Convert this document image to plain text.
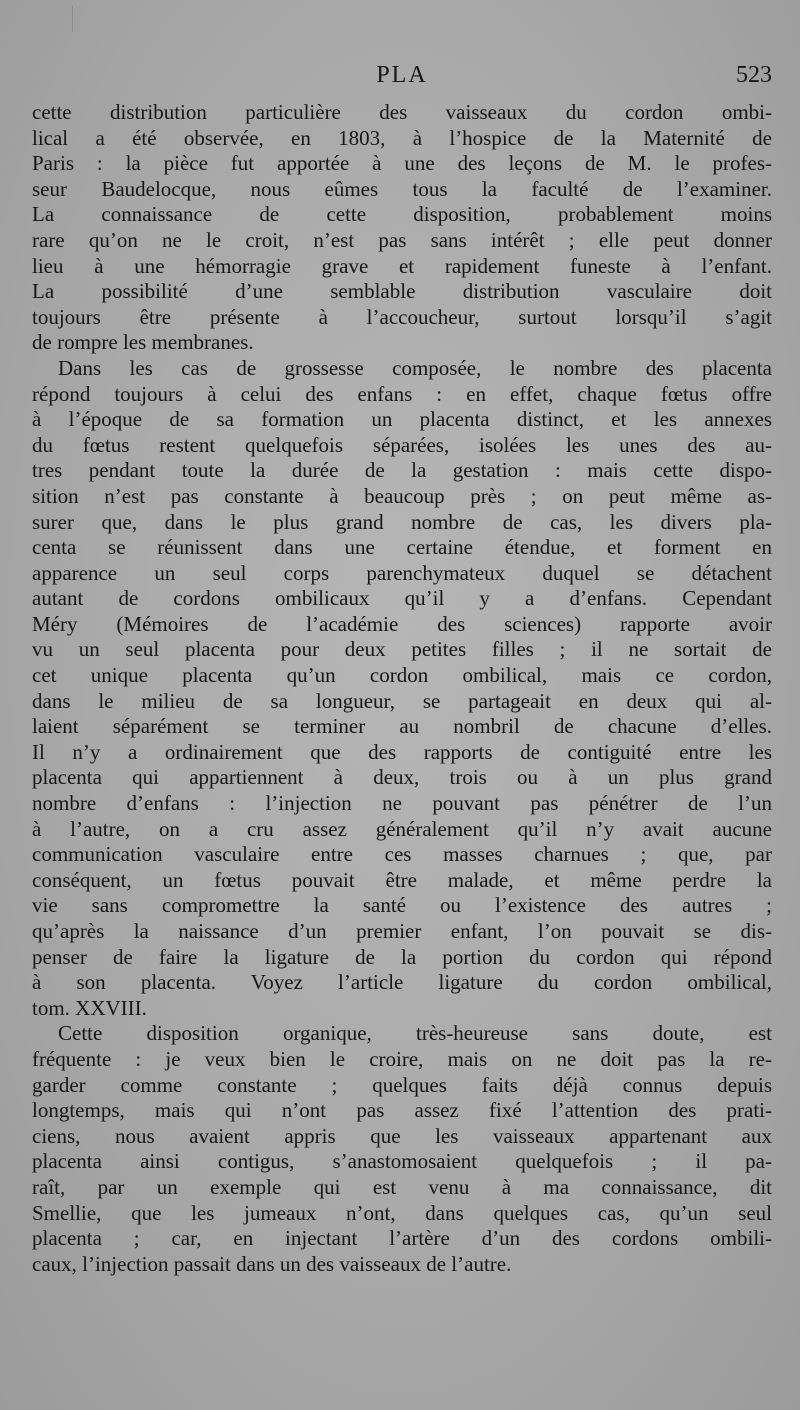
PLA	523
cette distribution particulière des vaisseaux du cordon ombi-
lical a été observée, en 1803, à l’hospice de la Maternité de
Paris : la pièce fut apportée à une des leçons de M. le profes-
seur Baudelocque, nous eûmes tous la faculté de l’examiner.
La connaissance de cette disposition, probablement moins
rare qu’on ne le croit, n’est pas sans intérêt ; elle peut donner
lieu à une hémorragie grave et rapidement funeste à l’enfant.
La possibilité d’une semblable distribution vasculaire doit
toujours être présente à l’accoucheur, surtout lorsqu’il s’agit
de rompre les membranes.
Dans les cas de grossesse composée, le nombre des placenta
répond toujours à celui des enfans : en effet, chaque fœtus offre
à l’époque de sa formation un placenta distinct, et les annexes
du fœtus restent quelquefois séparées, isolées les unes des au-
tres pendant toute la durée de la gestation : mais cette dispo-
sition n’est pas constante à beaucoup près ; on peut même as-
surer que, dans le plus grand nombre de cas, les divers pla-
centa se réunissent dans une certaine étendue, et forment en
apparence un seul corps parenchymateux duquel se détachent
autant de cordons ombilicaux qu’il y a d’enfans. Cependant
Méry (Mémoires de l’académie des sciences) rapporte avoir
vu un seul placenta pour deux petites filles ; il ne sortait de
cet unique placenta qu’un cordon ombilical, mais ce cordon,
dans le milieu de sa longueur, se partageait en deux qui al-
laient séparément se terminer au nombril de chacune d’elles.
Il n’y a ordinairement que des rapports de contiguité entre les
placenta qui appartiennent à deux, trois ou à un plus grand
nombre d’enfans : l’injection ne pouvant pas pénétrer de l’un
à l’autre, on a cru assez généralement qu’il n’y avait aucune
communication vasculaire entre ces masses charnues ; que, par
conséquent, un fœtus pouvait être malade, et même perdre la
vie sans compromettre la santé ou l’existence des autres ;
qu’après la naissance d’un premier enfant, l’on pouvait se dis-
penser de faire la ligature de la portion du cordon qui répond
à son placenta. Voyez l’article ligature du cordon ombilical,
tom. XXVIII.
Cette disposition organique, très-heureuse sans doute, est
fréquente : je veux bien le croire, mais on ne doit pas la re-
garder comme constante ; quelques faits déjà connus depuis
longtemps, mais qui n’ont pas assez fixé l’attention des prati-
ciens, nous avaient appris que les vaisseaux appartenant aux
placenta ainsi contigus, s’anastomosaient quelquefois ; il pa-
raît, par un exemple qui est venu à ma connaissance, dit
Smellie, que les jumeaux n’ont, dans quelques cas, qu’un seul
placenta ; car, en injectant l’artère d’un des cordons ombili-
caux, l’injection passait dans un des vaisseaux de l’autre.
